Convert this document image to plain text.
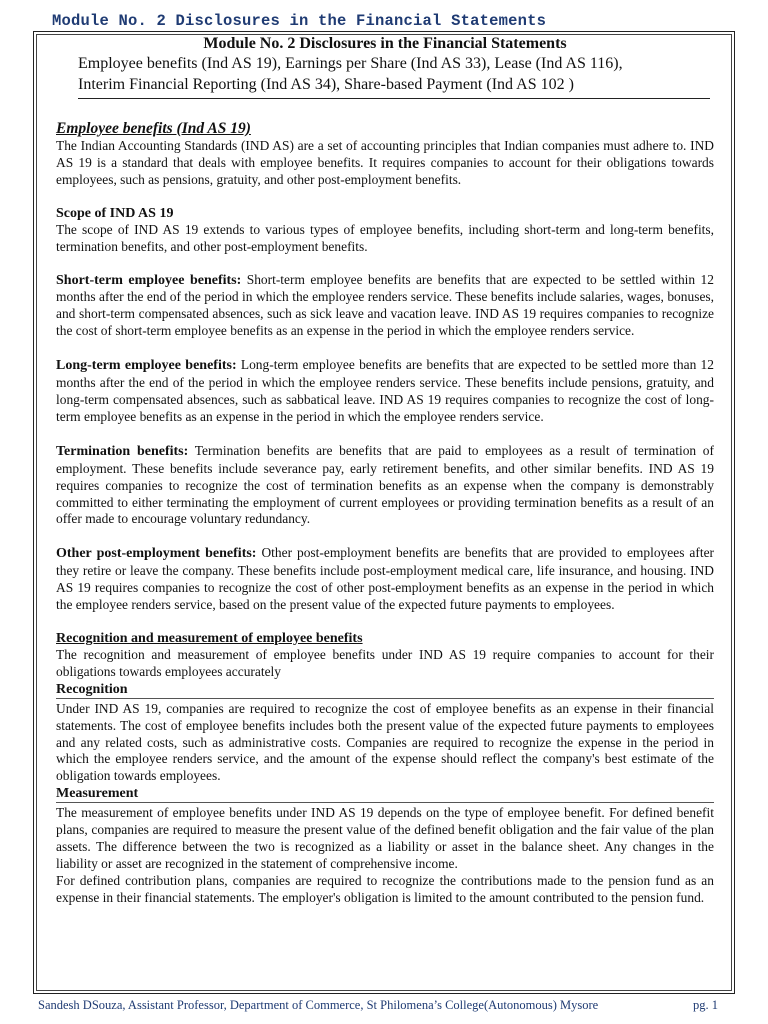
Module No. 2 Disclosures in the Financial Statements
Module No. 2 Disclosures in the Financial Statements
Employee benefits (Ind AS 19), Earnings per Share (Ind AS 33), Lease (Ind AS 116),
Interim Financial Reporting (Ind AS 34), Share-based Payment (Ind AS 102 )
Employee benefits (Ind AS 19)

The Indian Accounting Standards (IND AS) are a set of accounting principles that Indian companies must adhere to. IND AS 19 is a standard that deals with employee benefits. It requires companies to account for their obligations towards employees, such as pensions, gratuity, and other post-employment benefits.

Scope of IND AS 19

The scope of IND AS 19 extends to various types of employee benefits, including short-term and long-term benefits, termination benefits, and other post-employment benefits.

Short-term employee benefits: Short-term employee benefits are benefits that are expected to be settled within 12 months after the end of the period in which the employee renders service. These benefits include salaries, wages, bonuses, and short-term compensated absences, such as sick leave and vacation leave. IND AS 19 requires companies to recognize the cost of short-term employee benefits as an expense in the period in which the employee renders service.

Long-term employee benefits: Long-term employee benefits are benefits that are expected to be settled more than 12 months after the end of the period in which the employee renders service. These benefits include pensions, gratuity, and long-term compensated absences, such as sabbatical leave. IND AS 19 requires companies to recognize the cost of long-term employee benefits as an expense in the period in which the employee renders service.

Termination benefits: Termination benefits are benefits that are paid to employees as a result of termination of employment. These benefits include severance pay, early retirement benefits, and other similar benefits. IND AS 19 requires companies to recognize the cost of termination benefits as an expense when the company is demonstrably committed to either terminating the employment of current employees or providing termination benefits as a result of an offer made to encourage voluntary redundancy.

Other post-employment benefits: Other post-employment benefits are benefits that are provided to employees after they retire or leave the company. These benefits include post-employment medical care, life insurance, and housing. IND AS 19 requires companies to recognize the cost of other post-employment benefits as an expense in the period in which the employee renders service, based on the present value of the expected future payments to employees.

Recognition and measurement of employee benefits

The recognition and measurement of employee benefits under IND AS 19 require companies to account for their obligations towards employees accurately

Recognition

Under IND AS 19, companies are required to recognize the cost of employee benefits as an expense in their financial statements. The cost of employee benefits includes both the present value of the expected future payments to employees and any related costs, such as administrative costs. Companies are required to recognize the expense in the period in which the employee renders service, and the amount of the expense should reflect the company's best estimate of the obligation towards employees.

Measurement

The measurement of employee benefits under IND AS 19 depends on the type of employee benefit. For defined benefit plans, companies are required to measure the present value of the defined benefit obligation and the fair value of the plan assets. The difference between the two is recognized as a liability or asset in the balance sheet. Any changes in the liability or asset are recognized in the statement of comprehensive income.

For defined contribution plans, companies are required to recognize the contributions made to the pension fund as an expense in their financial statements. The employer's obligation is limited to the amount contributed to the pension fund.

Sandesh DSouza, Assistant Professor, Department of Commerce, St Philomena’s College(Autonomous) Mysore	pg. 1
